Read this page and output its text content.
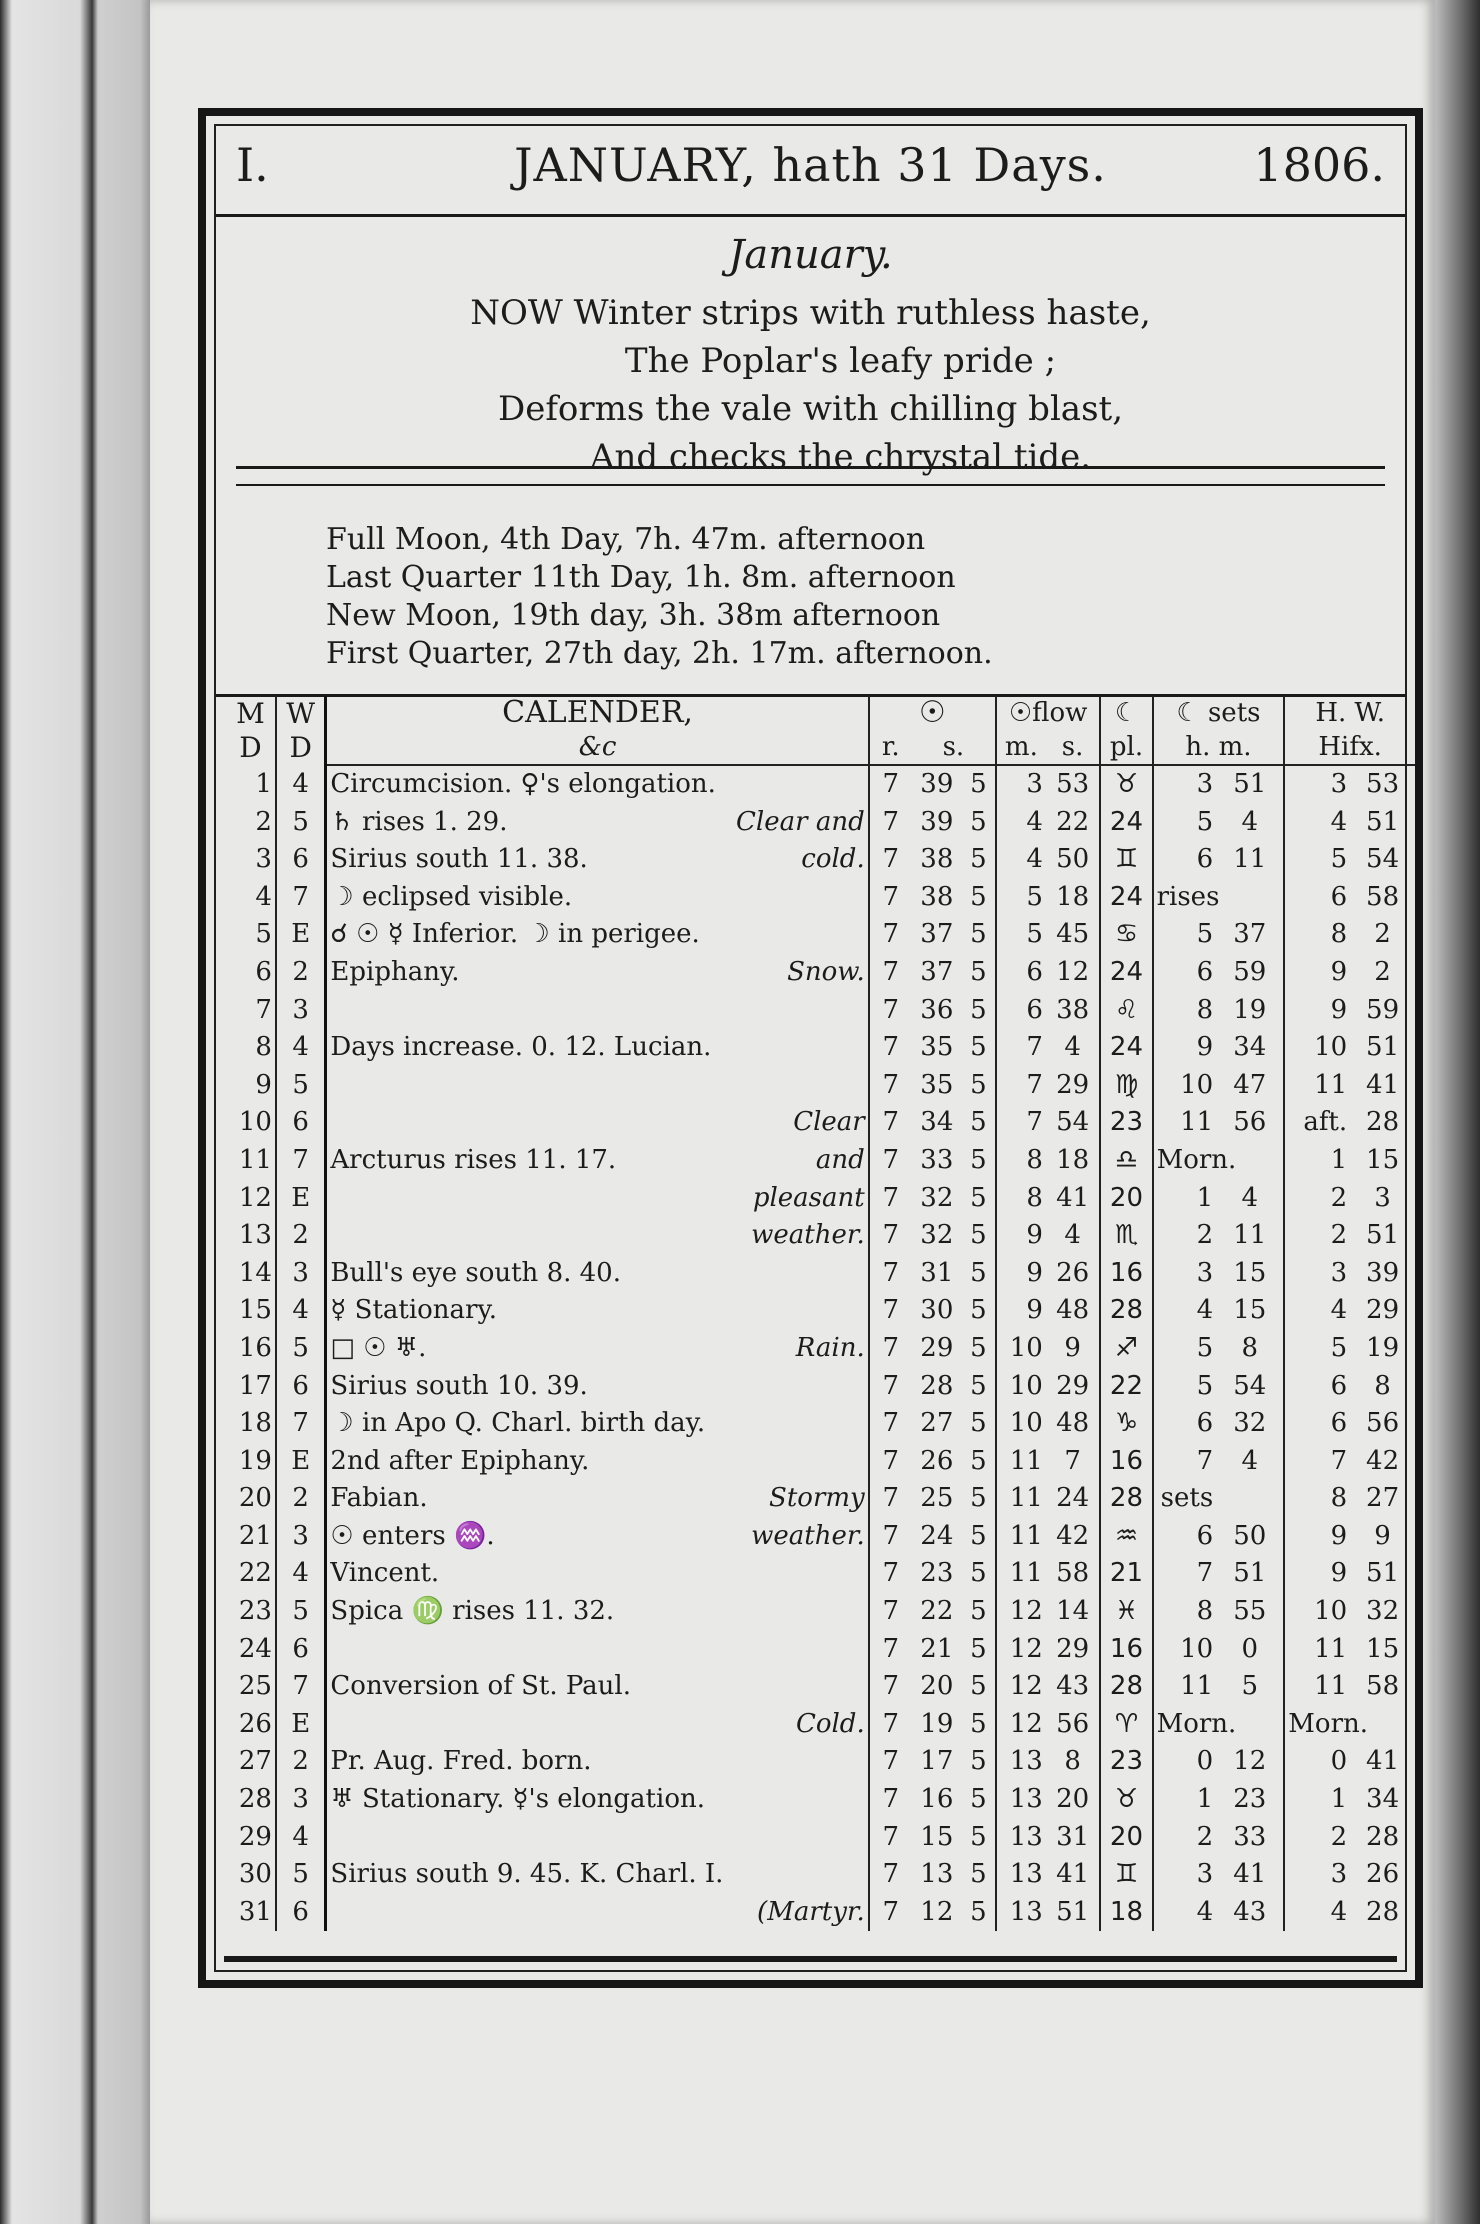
I.	JANUARY, hath 31 Days.	1806.
January.
NOW Winter strips with ruthless haste,
The Poplar's leafy pride ;
Deforms the vale with chilling blast,
And checks the chrystal tide.
Full Moon, 4th Day, 7h. 47m. afternoon
Last Quarter 11th Day, 1h. 8m. afternoon
New Moon, 19th day, 3h. 38m afternoon
First Quarter, 27th day, 2h. 17m. afternoon.
M D	W D	CALENDER,	☉			☉flow		☾	☾ sets		H. W.	
		&c	r.	s.		m.	s.	pl.	h. m.		Hifx.	
1	4	Circumcision. ♀'s elongation.	7	39	5	3	53	♉	3	51	3	53
2	5	♄ rises 1. 29. Clear and	7	39	5	4	22	24	5	4	4	51
3	6	Sirius south 11. 38. cold.	7	38	5	4	50	♊	6	11	5	54
4	7	☽ eclipsed visible.	7	38	5	5	18	24	rises		6	58
5	E	☌ ☉ ☿ Inferior. ☽ in perigee.	7	37	5	5	45	♋	5	37	8	2
6	2	Epiphany. Snow.	7	37	5	6	12	24	6	59	9	2
7	3		7	36	5	6	38	♌	8	19	9	59
8	4	Days increase. 0. 12. Lucian.	7	35	5	7	4	24	9	34	10	51
9	5		7	35	5	7	29	♍	10	47	11	41
10	6	Clear	7	34	5	7	54	23	11	56	aft.	28
11	7	Arcturus rises 11. 17. and	7	33	5	8	18	♎	Morn.		1	15
12	E	pleasant	7	32	5	8	41	20	1	4	2	3
13	2	weather.	7	32	5	9	4	♏	2	11	2	51
14	3	Bull's eye south 8. 40.	7	31	5	9	26	16	3	15	3	39
15	4	☿ Stationary.	7	30	5	9	48	28	4	15	4	29
16	5	□ ☉ ♅. Rain.	7	29	5	10	9	♐	5	8	5	19
17	6	Sirius south 10. 39.	7	28	5	10	29	22	5	54	6	8
18	7	☽ in Apo Q. Charl. birth day.	7	27	5	10	48	♑	6	32	6	56
19	E	2nd after Epiphany.	7	26	5	11	7	16	7	4	7	42
20	2	Fabian. Stormy	7	25	5	11	24	28	sets		8	27
21	3	☉ enters ♒. weather.	7	24	5	11	42	♒	6	50	9	9
22	4	Vincent.	7	23	5	11	58	21	7	51	9	51
23	5	Spica ♍ rises 11. 32.	7	22	5	12	14	♓	8	55	10	32
24	6		7	21	5	12	29	16	10	0	11	15
25	7	Conversion of St. Paul.	7	20	5	12	43	28	11	5	11	58
26	E	Cold.	7	19	5	12	56	♈	Morn.		Morn.	
27	2	Pr. Aug. Fred. born.	7	17	5	13	8	23	0	12	0	41
28	3	♅ Stationary. ☿'s elongation.	7	16	5	13	20	♉	1	23	1	34
29	4		7	15	5	13	31	20	2	33	2	28
30	5	Sirius south 9. 45. K. Charl. I.	7	13	5	13	41	♊	3	41	3	26
31	6	(Martyr.	7	12	5	13	51	18	4	43	4	28
